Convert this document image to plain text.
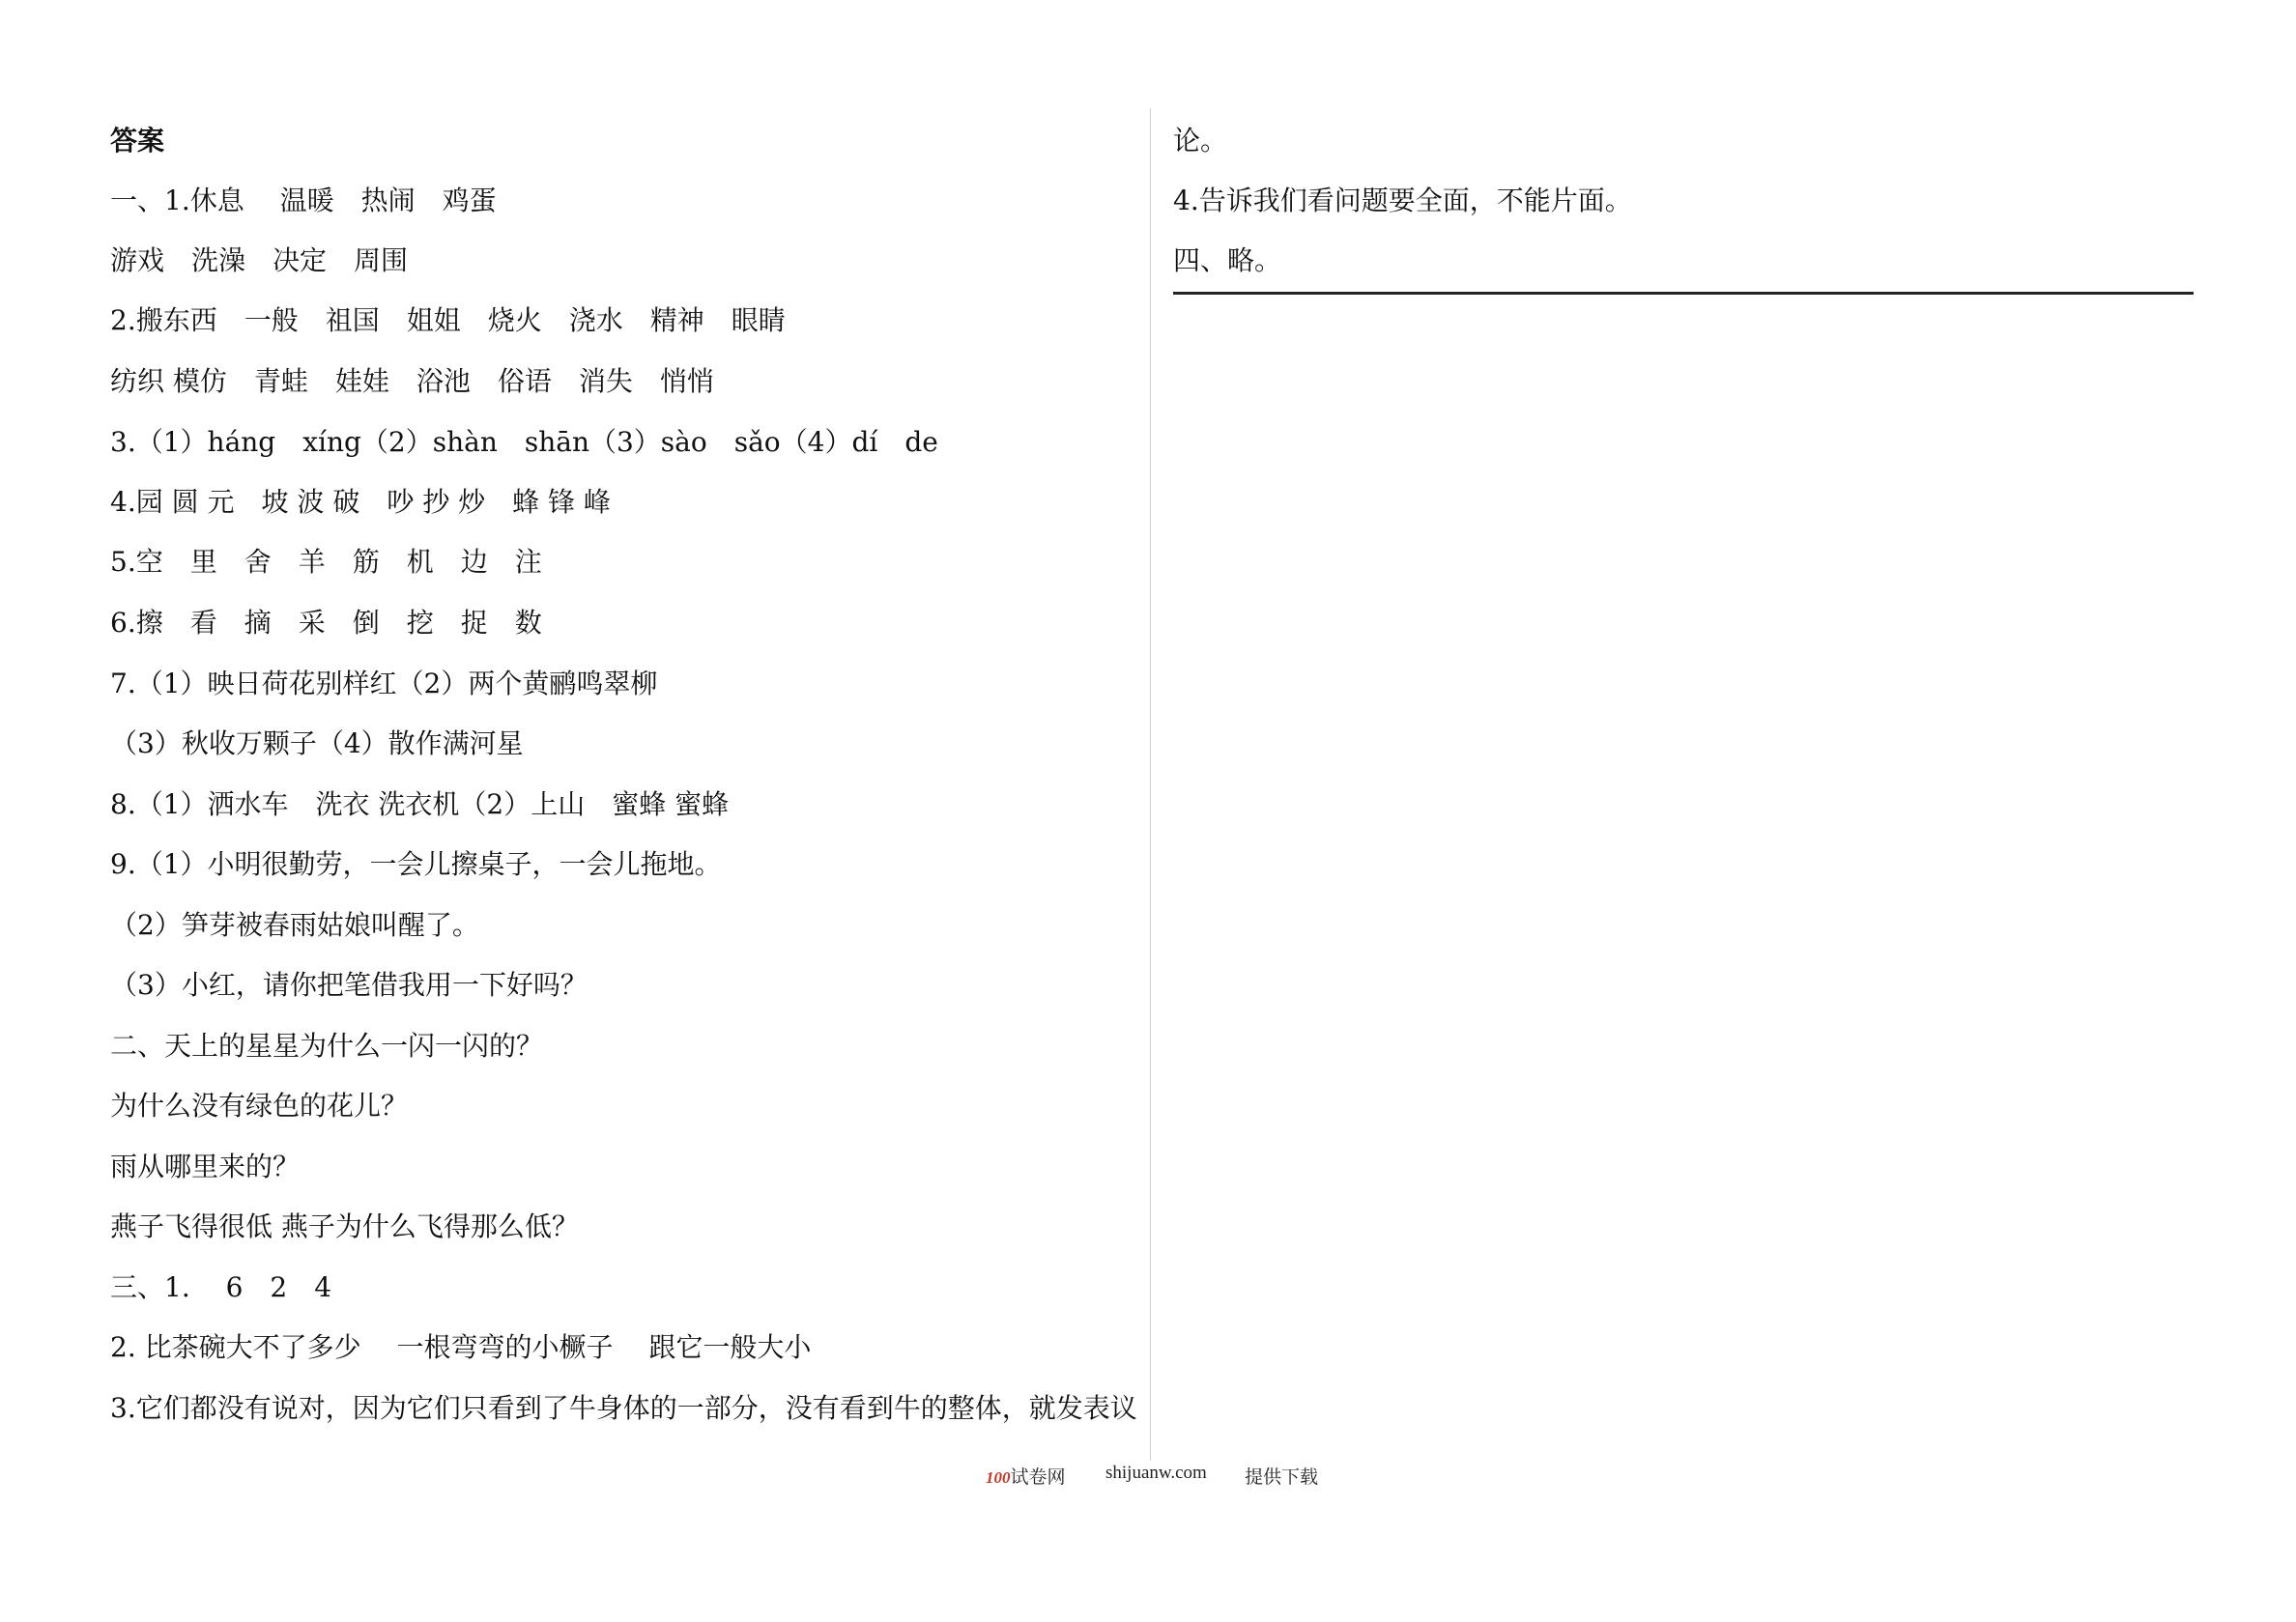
答案
一、1.休息　 温暖　热闹　鸡蛋
游戏　洗澡　决定　周围
2.搬东西　一般　祖国　姐姐　烧火　浇水　精神　眼睛
纺织 模仿　青蛙　娃娃　浴池　俗语　消失　悄悄
3.（1）háng　xíng（2）shàn　shān（3）sào　sǎo（4）dí　de
4.园 圆 元　坡 波 破　吵 抄 炒　蜂 锋 峰
5.空　里　舍　羊　筋　机　边　注
6.擦　看　摘　采　倒　挖　捉　数
7.（1）映日荷花别样红（2）两个黄鹂鸣翠柳
（3）秋收万颗子（4）散作满河星
8.（1）洒水车　洗衣 洗衣机（2）上山　蜜蜂 蜜蜂
9.（1）小明很勤劳，一会儿擦桌子，一会儿拖地。
（2）笋芽被春雨姑娘叫醒了。
（3）小红，请你把笔借我用一下好吗？
二、天上的星星为什么一闪一闪的？
为什么没有绿色的花儿？
雨从哪里来的？
燕子飞得很低 燕子为什么飞得那么低？
三、1.　 6　2　4
2. 比茶碗大不了多少　 一根弯弯的小橛子　 跟它一般大小
3.它们都没有说对，因为它们只看到了牛身体的一部分，没有看到牛的整体，就发表议
论。
4.告诉我们看问题要全面，不能片面。
四、略。
100试卷网 shijuanw.com 提供下载
